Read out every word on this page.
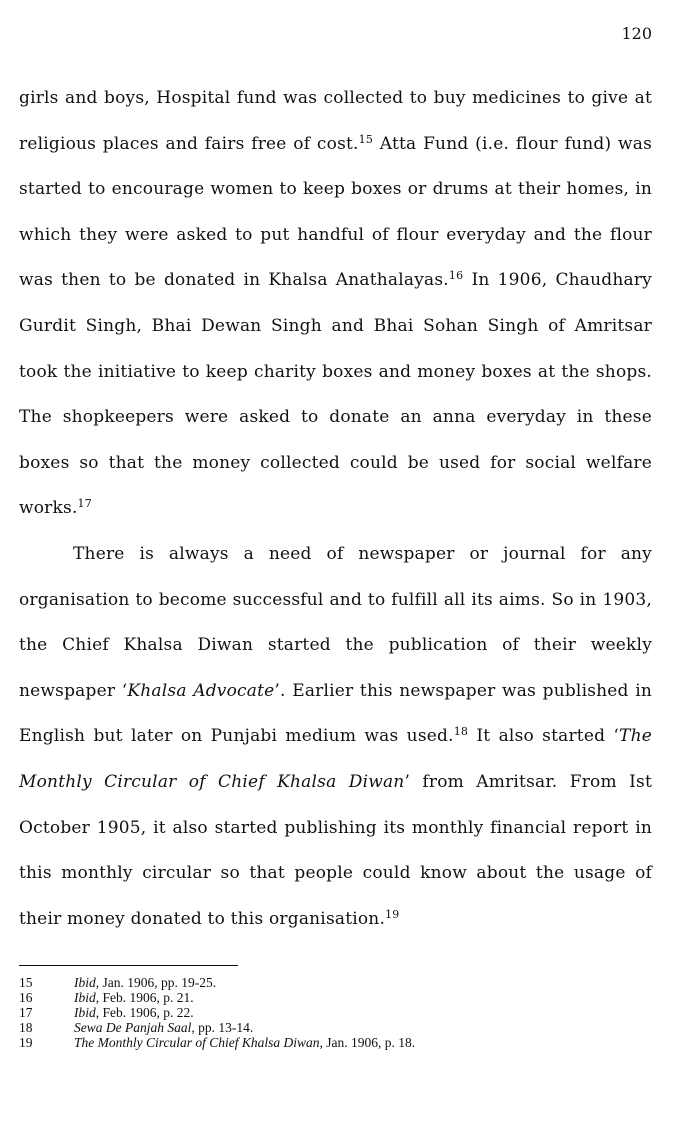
120

girls and boys, Hospital fund was collected to buy medicines to give at religious places and fairs free of cost.$^{15}$ Atta Fund (i.e. flour fund) was started to encourage women to keep boxes or drums at their homes, in which they were asked to put handful of flour everyday and the flour was then to be donated in Khalsa Anathalayas.$^{16}$ In 1906, Chaudhary Gurdit Singh, Bhai Dewan Singh and Bhai Sohan Singh of Amritsar took the initiative to keep charity boxes and money boxes at the shops. The shopkeepers were asked to donate an anna everyday in these boxes so that the money collected could be used for social welfare works.$^{17}$

There is always a need of newspaper or journal for any organisation to become successful and to fulfill all its aims. So in 1903, the Chief Khalsa Diwan started the publication of their weekly newspaper ‘Khalsa Advocate’. Earlier this newspaper was published in English but later on Punjabi medium was used.$^{18}$ It also started ‘The Monthly Circular of Chief Khalsa Diwan’ from Amritsar. From Ist October 1905, it also started publishing its monthly financial report in this monthly circular so that people could know about the usage of their money donated to this organisation.$^{19}$

15	Ibid, Jan. 1906, pp. 19-25.
16	Ibid, Feb. 1906, p. 21.
17	Ibid, Feb. 1906, p. 22.
18	Sewa De Panjah Saal, pp. 13-14.
19	The Monthly Circular of Chief Khalsa Diwan, Jan. 1906, p. 18.
